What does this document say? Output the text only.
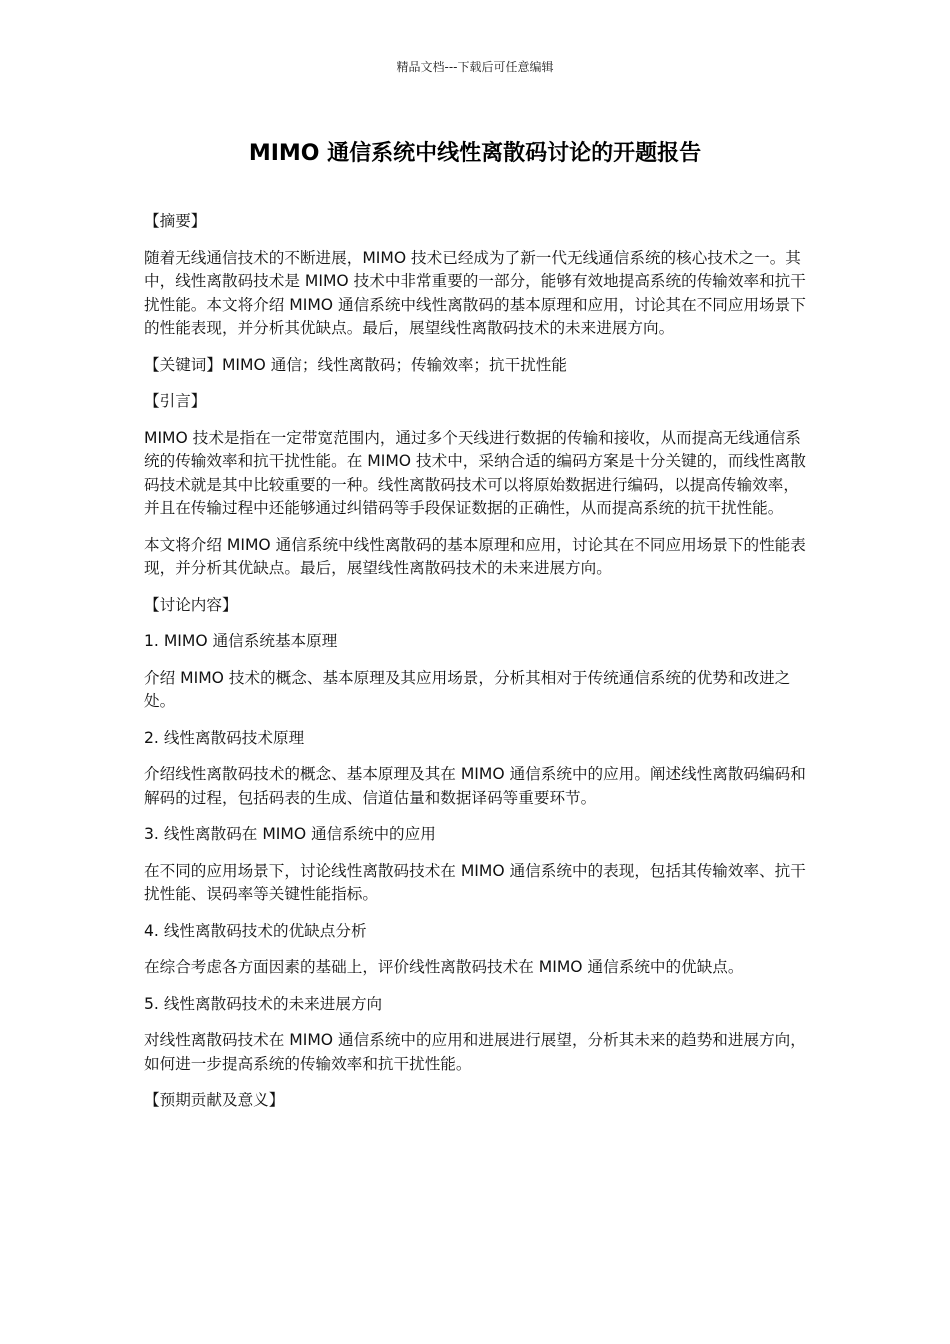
精品文档---下载后可任意编辑
MIMO 通信系统中线性离散码讨论的开题报告

【摘要】

随着无线通信技术的不断进展，MIMO 技术已经成为了新一代无线通信系统的核心技术之一。其中，线性离散码技术是 MIMO 技术中非常重要的一部分，能够有效地提高系统的传输效率和抗干扰性能。本文将介绍 MIMO 通信系统中线性离散码的基本原理和应用，讨论其在不同应用场景下的性能表现，并分析其优缺点。最后，展望线性离散码技术的未来进展方向。

【关键词】MIMO 通信；线性离散码；传输效率；抗干扰性能

【引言】

MIMO 技术是指在一定带宽范围内，通过多个天线进行数据的传输和接收，从而提高无线通信系统的传输效率和抗干扰性能。在 MIMO 技术中，采纳合适的编码方案是十分关键的，而线性离散码技术就是其中比较重要的一种。线性离散码技术可以将原始数据进行编码，以提高传输效率，并且在传输过程中还能够通过纠错码等手段保证数据的正确性，从而提高系统的抗干扰性能。

本文将介绍 MIMO 通信系统中线性离散码的基本原理和应用，讨论其在不同应用场景下的性能表现，并分析其优缺点。最后，展望线性离散码技术的未来进展方向。

【讨论内容】

1. MIMO 通信系统基本原理

介绍 MIMO 技术的概念、基本原理及其应用场景，分析其相对于传统通信系统的优势和改进之处。

2. 线性离散码技术原理

介绍线性离散码技术的概念、基本原理及其在 MIMO 通信系统中的应用。阐述线性离散码编码和解码的过程，包括码表的生成、信道估量和数据译码等重要环节。

3. 线性离散码在 MIMO 通信系统中的应用

在不同的应用场景下，讨论线性离散码技术在 MIMO 通信系统中的表现，包括其传输效率、抗干扰性能、误码率等关键性能指标。

4. 线性离散码技术的优缺点分析

在综合考虑各方面因素的基础上，评价线性离散码技术在 MIMO 通信系统中的优缺点。

5. 线性离散码技术的未来进展方向

对线性离散码技术在 MIMO 通信系统中的应用和进展进行展望，分析其未来的趋势和进展方向，如何进一步提高系统的传输效率和抗干扰性能。

【预期贡献及意义】
